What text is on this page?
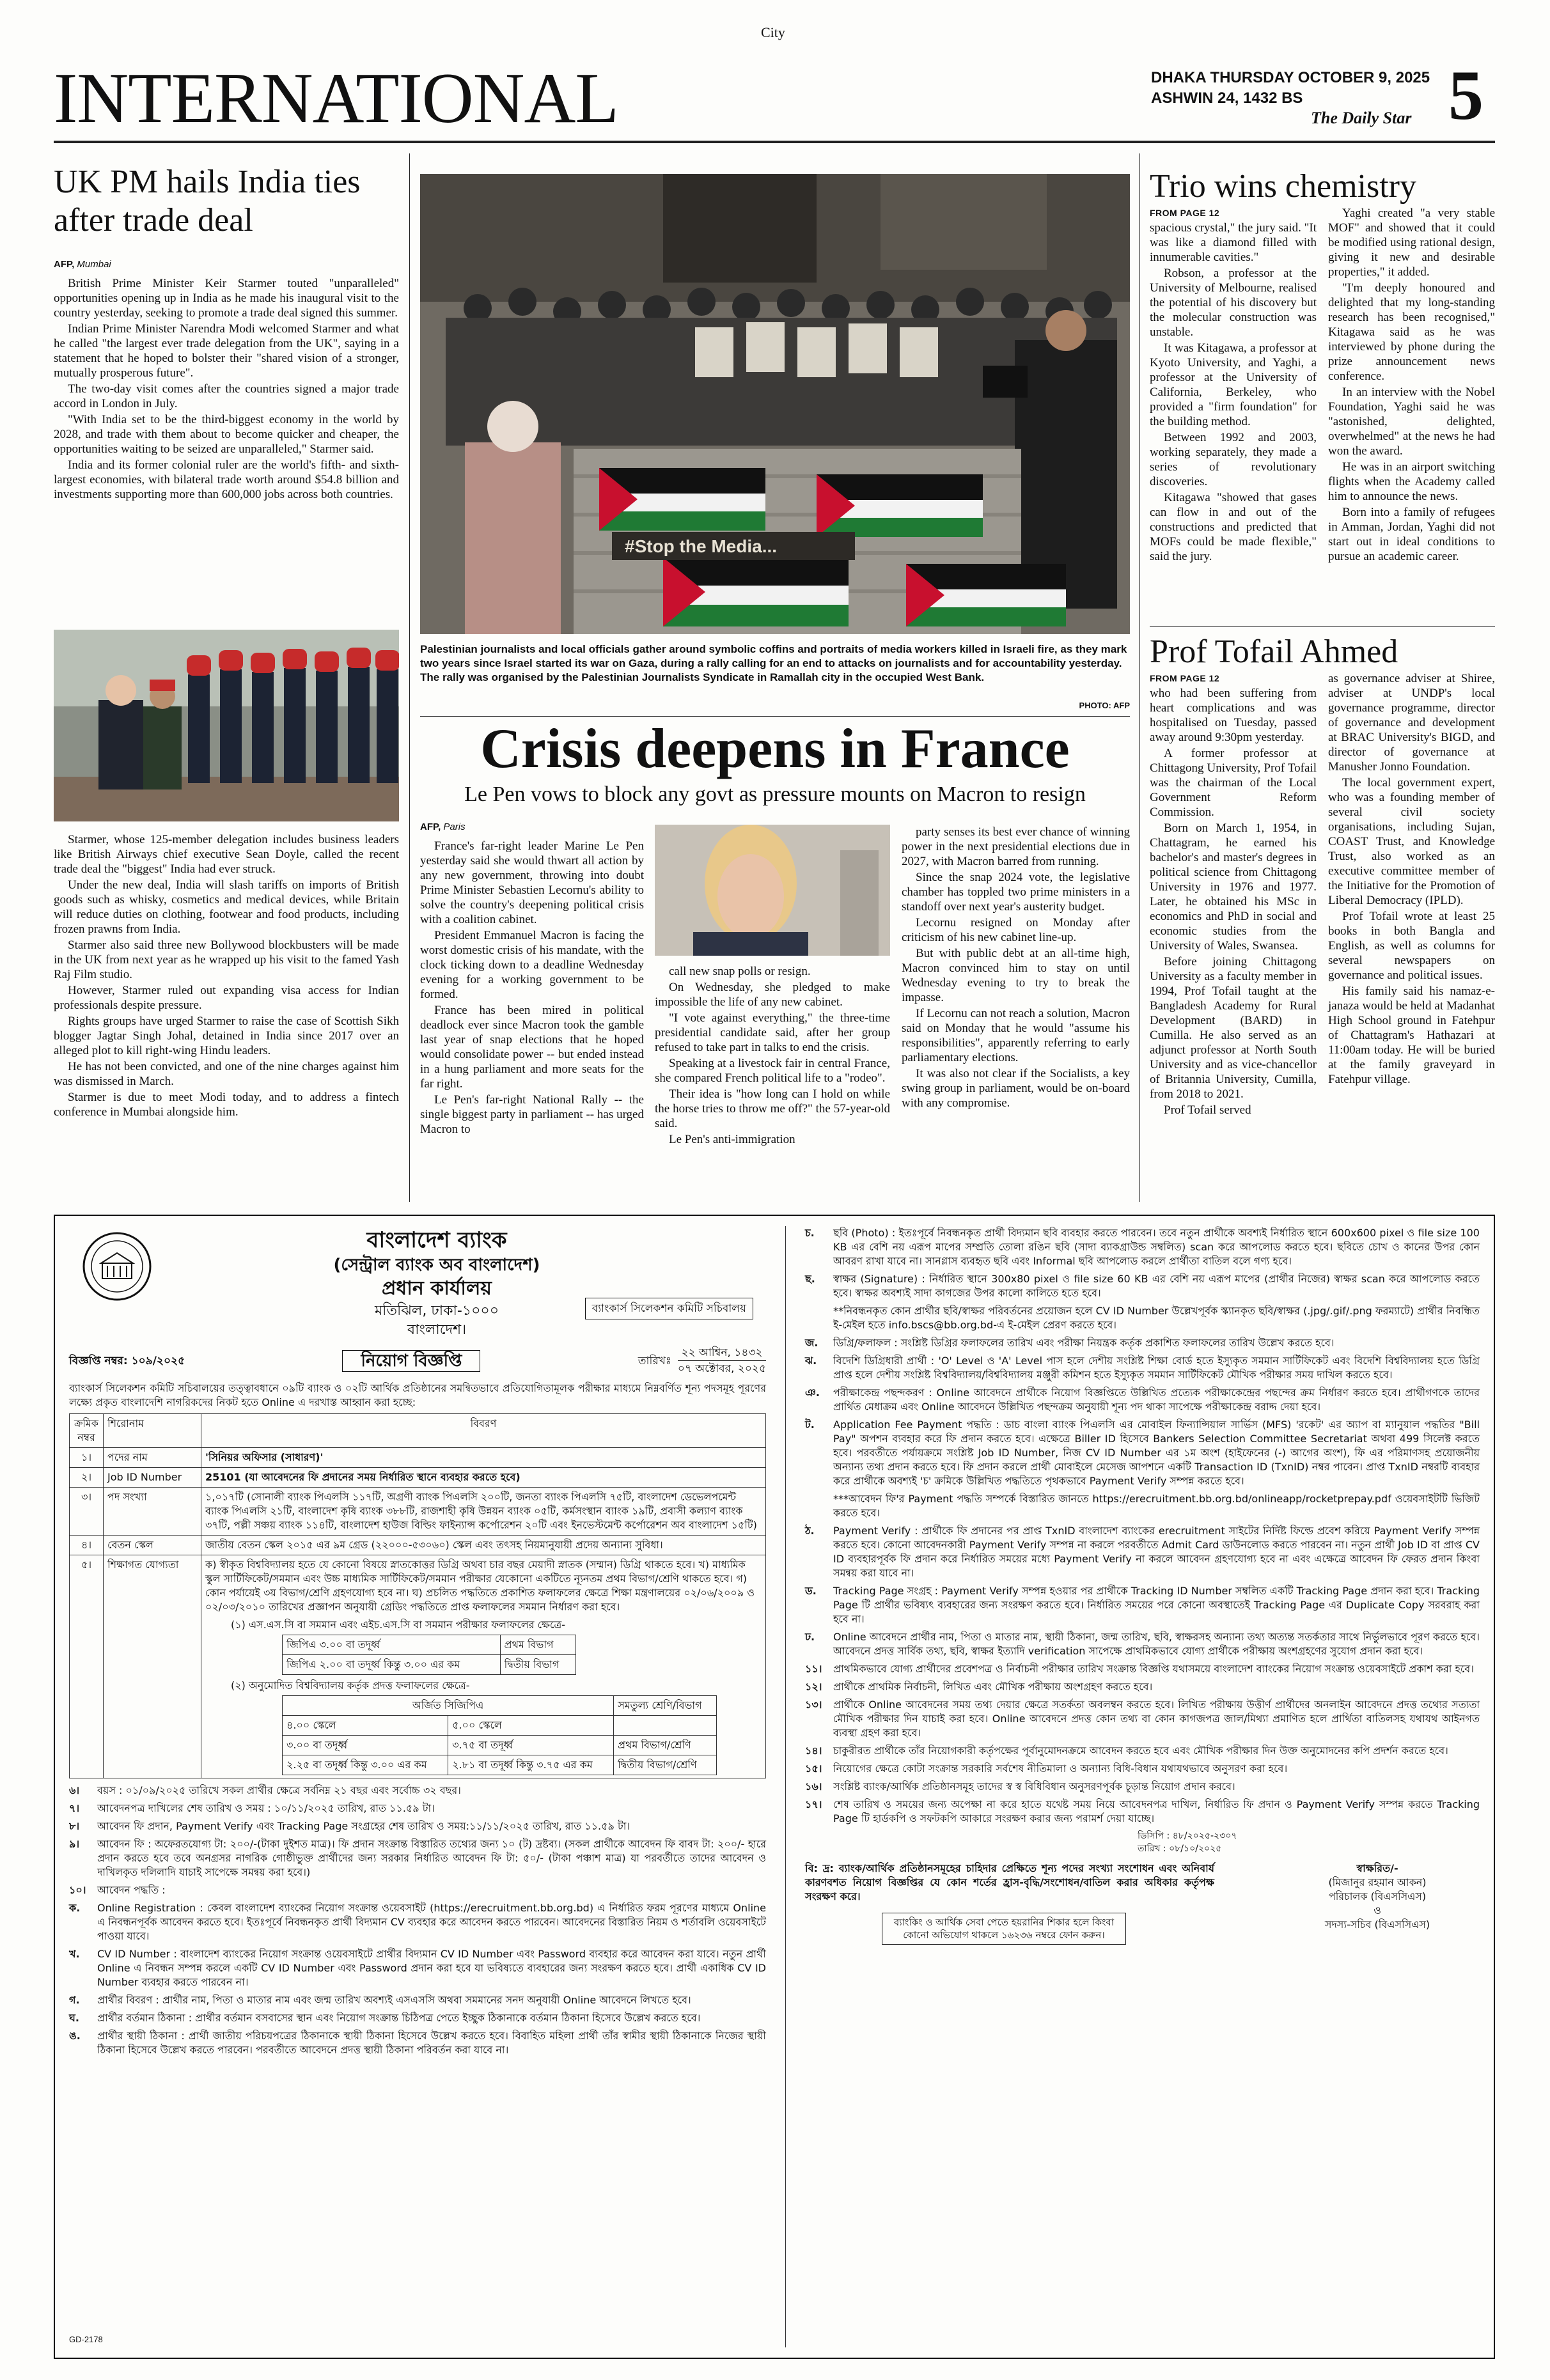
City
INTERNATIONAL	DHAKA THURSDAY OCTOBER 9, 2025
ASHWIN 24, 1432 BS
The Daily Star 5
UK PM hails India ties after trade deal
AFP, Mumbai

British Prime Minister Keir Starmer touted "unparalleled" opportunities opening up in India as he made his inaugural visit to the country yesterday, seeking to promote a trade deal signed this summer.

Indian Prime Minister Narendra Modi welcomed Starmer and what he called "the largest ever trade delegation from the UK", saying in a statement that he hoped to bolster their "shared vision of a stronger, mutually prosperous future".

The two-day visit comes after the countries signed a major trade accord in London in July.

"With India set to be the third-biggest economy in the world by 2028, and trade with them about to become quicker and cheaper, the opportunities waiting to be seized are unparalleled," Starmer said.

India and its former colonial ruler are the world's fifth- and sixth-largest economies, with bilateral trade worth around $54.8 billion and investments supporting more than 600,000 jobs across both countries.

Starmer, whose 125-member delegation includes business leaders like British Airways chief executive Sean Doyle, called the recent trade deal the "biggest" India had ever struck.

Under the new deal, India will slash tariffs on imports of British goods such as whisky, cosmetics and medical devices, while Britain will reduce duties on clothing, footwear and food products, including frozen prawns from India.

Starmer also said three new Bollywood blockbusters will be made in the UK from next year as he wrapped up his visit to the famed Yash Raj Film studio.

However, Starmer ruled out expanding visa access for Indian professionals despite pressure.

Rights groups have urged Starmer to raise the case of Scottish Sikh blogger Jagtar Singh Johal, detained in India since 2017 over an alleged plot to kill right-wing Hindu leaders.

He has not been convicted, and one of the nine charges against him was dismissed in March.

Starmer is due to meet Modi today, and to address a fintech conference in Mumbai alongside him.

#Stop the Media...
Palestinian journalists and local officials gather around symbolic coffins and portraits of media workers killed in Israeli fire, as they mark two years since Israel started its war on Gaza, during a rally calling for an end to attacks on journalists and for accountability yesterday. The rally was organised by the Palestinian Journalists Syndicate in Ramallah city in the occupied West Bank.
PHOTO: AFP
Crisis deepens in France
Le Pen vows to block any govt as pressure mounts on Macron to resign
AFP, Paris

France's far-right leader Marine Le Pen yesterday said she would thwart all action by any new government, throwing into doubt Prime Minister Sebastien Lecornu's ability to solve the country's deepening political crisis with a coalition cabinet.

President Emmanuel Macron is facing the worst domestic crisis of his mandate, with the clock ticking down to a deadline Wednesday evening for a working government to be formed.

France has been mired in political deadlock ever since Macron took the gamble last year of snap elections that he hoped would consolidate power -- but ended instead in a hung parliament and more seats for the far right.

Le Pen's far-right National Rally -- the single biggest party in parliament -- has urged Macron to

call new snap polls or resign.

On Wednesday, she pledged to make impossible the life of any new cabinet.

"I vote against everything," the three-time presidential candidate said, after her group refused to take part in talks to end the crisis.

Speaking at a livestock fair in central France, she compared French political life to a "rodeo".

Their idea is "how long can I hold on while the horse tries to throw me off?" the 57-year-old said.

Le Pen's anti-immigration

party senses its best ever chance of winning power in the next presidential elections due in 2027, with Macron barred from running.

Since the snap 2024 vote, the legislative chamber has toppled two prime ministers in a standoff over next year's austerity budget.

Lecornu resigned on Monday after criticism of his new cabinet line-up.

But with public debt at an all-time high, Macron convinced him to stay on until Wednesday evening to try to break the impasse.

If Lecornu can not reach a solution, Macron said on Monday that he would "assume his responsibilities", apparently referring to early parliamentary elections.

It was also not clear if the Socialists, a key swing group in parliament, would be on-board with any compromise.

Trio wins chemistry
FROM PAGE 12

spacious crystal," the jury said. "It was like a diamond filled with innumerable cavities."

Robson, a professor at the University of Melbourne, realised the potential of his discovery but the molecular construction was unstable.

It was Kitagawa, a professor at Kyoto University, and Yaghi, a professor at the University of California, Berkeley, who provided a "firm foundation" for the building method.

Between 1992 and 2003, working separately, they made a series of revolutionary discoveries.

Kitagawa "showed that gases can flow in and out of the constructions and predicted that MOFs could be made flexible," said the jury.

Yaghi created "a very stable MOF" and showed that it could be modified using rational design, giving it new and desirable properties," it added.

"I'm deeply honoured and delighted that my long-standing research has been recognised," Kitagawa said as he was interviewed by phone during the prize announcement news conference.

In an interview with the Nobel Foundation, Yaghi said he was "astonished, delighted, overwhelmed" at the news he had won the award.

He was in an airport switching flights when the Academy called him to announce the news.

Born into a family of refugees in Amman, Jordan, Yaghi did not start out in ideal conditions to pursue an academic career.

Prof Tofail Ahmed
FROM PAGE 12

who had been suffering from heart complications and was hospitalised on Tuesday, passed away around 9:30pm yesterday.

A former professor at Chittagong University, Prof Tofail was the chairman of the Local Government Reform Commission.

Born on March 1, 1954, in Chattagram, he earned his bachelor's and master's degrees in political science from Chittagong University in 1976 and 1977. Later, he obtained his MSc in economics and PhD in social and economic studies from the University of Wales, Swansea.

Before joining Chittagong University as a faculty member in 1994, Prof Tofail taught at the Bangladesh Academy for Rural Development (BARD) in Cumilla. He also served as an adjunct professor at North South University and as vice-chancellor of Britannia University, Cumilla, from 2018 to 2021.

Prof Tofail served

as governance adviser at Shiree, adviser at UNDP's local governance programme, director of governance and development at BRAC University's BIGD, and director of governance at Manusher Jonno Foundation.

The local government expert, who was a founding member of several civil society organisations, including Sujan, COAST Trust, and Knowledge Trust, also worked as an executive committee member of the Initiative for the Promotion of Liberal Democracy (IPLD).

Prof Tofail wrote at least 25 books in both Bangla and English, as well as columns for several newspapers on governance and political issues.

His family said his namaz-e-janaza would be held at Madanhat High School ground in Fatehpur of Chattagram's Hathazari at 11:00am today. He will be buried at the family graveyard in Fatehpur village.

বাংলাদেশ ব্যাংক
(সেন্ট্রাল ব্যাংক অব বাংলাদেশ)
প্রধান কার্যালয়
মতিঝিল, ঢাকা-১০০০
বাংলাদেশ।
ব্যাংকার্স সিলেকশন কমিটি সচিবালয়
বিজ্ঞপ্তি নম্বর: ১০৯/২০২৫	নিয়োগ বিজ্ঞপ্তি	তারিখঃ
২২ আশ্বিন, ১৪৩২
০৭ অক্টোবর, ২০২৫
ব্যাংকার্স সিলেকশন কমিটি সচিবালয়ের তত্ত্বাবধানে ০৯টি ব্যাংক ও ০২টি আর্থিক প্রতিষ্ঠানের সমন্বিতভাবে প্রতিযোগিতামূলক পরীক্ষার মাধ্যমে নিম্নবর্ণিত শূন্য পদসমূহ পূরণের লক্ষ্যে প্রকৃত বাংলাদেশি নাগরিকদের নিকট হতে Online এ দরখাস্ত আহ্বান করা হচ্ছে:
ক্রমিক নম্বর	শিরোনাম	বিবরণ
১।	পদের নাম	'সিনিয়র অফিসার (সাধারণ)'
২।	Job ID Number	25101 (যা আবেদনের ফি প্রদানের সময় নির্ধারিত স্থানে ব্যবহার করতে হবে)
৩।	পদ সংখ্যা	১,০১৭টি (সোনালী ব্যাংক পিএলসি ১১৭টি, অগ্রণী ব্যাংক পিএলসি ২০০টি, জনতা ব্যাংক পিএলসি ৭৫টি, বাংলাদেশ ডেভেলপমেন্ট ব্যাংক পিএলসি ২১টি, বাংলাদেশ কৃষি ব্যাংক ৩৮৮টি, রাজশাহী কৃষি উন্নয়ন ব্যাংক ০৫টি, কর্মসংস্থান ব্যাংক ১৯টি, প্রবাসী কল্যাণ ব্যাংক ৩৭টি, পল্লী সঞ্চয় ব্যাংক ১১৪টি, বাংলাদেশ হাউজ বিল্ডিং ফাইন্যান্স কর্পোরেশন ২০টি এবং ইনভেস্টমেন্ট কর্পোরেশন অব বাংলাদেশ ১৫টি)
৪।	বেতন স্কেল	জাতীয় বেতন স্কেল ২০১৫ এর ৯ম গ্রেড (২২০০০-৫৩০৬০) স্কেল এবং তৎসহ নিয়মানুযায়ী প্রদেয় অন্যান্য সুবিধা।
৫।	শিক্ষাগত যোগ্যতা	ক) স্বীকৃত বিশ্ববিদ্যালয় হতে যে কোনো বিষয়ে স্নাতকোত্তর ডিগ্রি অথবা চার বছর মেয়াদী স্নাতক (সম্মান) ডিগ্রি থাকতে হবে। খ) মাধ্যমিক স্কুল সার্টিফিকেট/সমমান এবং উচ্চ মাধ্যমিক সার্টিফিকেট/সমমান পরীক্ষার যেকোনো একটিতে ন্যূনতম প্রথম বিভাগ/শ্রেণি থাকতে হবে। গ) কোন পর্যায়েই ৩য় বিভাগ/শ্রেণি গ্রহণযোগ্য হবে না। ঘ) প্রচলিত পদ্ধতিতে প্রকাশিত ফলাফলের ক্ষেত্রে শিক্ষা মন্ত্রণালয়ের ০২/০৬/২০০৯ ও ০২/০৩/২০১০ তারিখের প্রজ্ঞাপন অনুযায়ী গ্রেডিং পদ্ধতিতে প্রাপ্ত ফলাফলের সমমান নির্ধারণ করা হবে।
(১) এস.এস.সি বা সমমান এবং এইচ.এস.সি বা সমমান পরীক্ষার ফলাফলের ক্ষেত্রে-
জিপিএ ৩.০০ বা তদূর্ধ্ব	প্রথম বিভাগ
জিপিএ ২.০০ বা তদূর্ধ্ব কিন্তু ৩.০০ এর কম	দ্বিতীয় বিভাগ
(২) অনুমোদিত বিশ্ববিদ্যালয় কর্তৃক প্রদত্ত ফলাফলের ক্ষেত্রে-
অর্জিত সিজিপিএ	সমতুল্য শ্রেণি/বিভাগ
৪.০০ স্কেলে	৫.০০ স্কেলে	
৩.০০ বা তদূর্ধ্ব	৩.৭৫ বা তদূর্ধ্ব	প্রথম বিভাগ/শ্রেণি
২.২৫ বা তদূর্ধ্ব কিন্তু ৩.০০ এর কম	২.৮১ বা তদূর্ধ্ব কিন্তু ৩.৭৫ এর কম	দ্বিতীয় বিভাগ/শ্রেণি
৬।	বয়স : ০১/০৯/২০২৫ তারিখে সকল প্রার্থীর ক্ষেত্রে সর্বনিম্ন ২১ বছর এবং সর্বোচ্চ ৩২ বছর।
৭।	আবেদনপত্র দাখিলের শেষ তারিখ ও সময় : ১০/১১/২০২৫ তারিখ, রাত ১১.৫৯ টা।
৮।	আবেদন ফি প্রদান, Payment Verify এবং Tracking Page সংগ্রহের শেষ তারিখ ও সময়:১১/১১/২০২৫ তারিখ, রাত ১১.৫৯ টা।
৯।	আবেদন ফি : অফেরতযোগ্য টা: ২০০/-(টাকা দুইশত মাত্র)। ফি প্রদান সংক্রান্ত বিস্তারিত তথ্যের জন্য ১০ (ট) দ্রষ্টব্য। (সকল প্রার্থীকে আবেদন ফি বাবদ টা: ২০০/- হারে প্রদান করতে হবে তবে অনগ্রসর নাগরিক গোষ্ঠীভুক্ত প্রার্থীদের জন্য সরকার নির্ধারিত আবেদন ফি টা: ৫০/- (টাকা পঞ্চাশ মাত্র) যা পরবর্তীতে তাদের আবেদন ও দাখিলকৃত দলিলাদি যাচাই সাপেক্ষে সমন্বয় করা হবে।)
১০।	আবেদন পদ্ধতি :
ক.	Online Registration : কেবল বাংলাদেশ ব্যাংকের নিয়োগ সংক্রান্ত ওয়েবসাইট (https://erecruitment.bb.org.bd) এ নির্ধারিত ফরম পূরণের মাধ্যমে Online এ নিবন্ধনপূর্বক আবেদন করতে হবে। ইতঃপূর্বে নিবন্ধনকৃত প্রার্থী বিদ্যমান CV ব্যবহার করে আবেদন করতে পারবেন। আবেদনের বিস্তারিত নিয়ম ও শর্তাবলি ওয়েবসাইটে পাওয়া যাবে।
খ.	CV ID Number : বাংলাদেশ ব্যাংকের নিয়োগ সংক্রান্ত ওয়েবসাইটে প্রার্থীর বিদ্যমান CV ID Number এবং Password ব্যবহার করে আবেদন করা যাবে। নতুন প্রার্থী Online এ নিবন্ধন সম্পন্ন করলে একটি CV ID Number এবং Password প্রদান করা হবে যা ভবিষ্যতে ব্যবহারের জন্য সংরক্ষণ করতে হবে। প্রার্থী একাধিক CV ID Number ব্যবহার করতে পারবেন না।
গ.	প্রার্থীর বিবরণ : প্রার্থীর নাম, পিতা ও মাতার নাম এবং জন্ম তারিখ অবশ্যই এসএসসি অথবা সমমানের সনদ অনুযায়ী Online আবেদনে লিখতে হবে।
ঘ.	প্রার্থীর বর্তমান ঠিকানা : প্রার্থীর বর্তমান বসবাসের স্থান এবং নিয়োগ সংক্রান্ত চিঠিপত্র পেতে ইচ্ছুক ঠিকানাকে বর্তমান ঠিকানা হিসেবে উল্লেখ করতে হবে।
ঙ.	প্রার্থীর স্থায়ী ঠিকানা : প্রার্থী জাতীয় পরিচয়পত্রের ঠিকানাকে স্থায়ী ঠিকানা হিসেবে উল্লেখ করতে হবে। বিবাহিত মহিলা প্রার্থী তাঁর স্বামীর স্থায়ী ঠিকানাকে নিজের স্থায়ী ঠিকানা হিসেবে উল্লেখ করতে পারবেন। পরবর্তীতে আবেদনে প্রদত্ত স্থায়ী ঠিকানা পরিবর্তন করা যাবে না।
GD-2178
চ.	ছবি (Photo) : ইতঃপূর্বে নিবন্ধনকৃত প্রার্থী বিদ্যমান ছবি ব্যবহার করতে পারবেন। তবে নতুন প্রার্থীকে অবশ্যই নির্ধারিত স্থানে 600x600 pixel ও file size 100 KB এর বেশি নয় এরূপ মাপের সম্প্রতি তোলা রঙিন ছবি (সাদা ব্যাকগ্রাউন্ড সম্বলিত) scan করে আপলোড করতে হবে। ছবিতে চোখ ও কানের উপর কোন আবরণ রাখা যাবে না। সানগ্লাস ব্যবহৃত ছবি এবং Informal ছবি আপলোড করলে প্রার্থীতা বাতিল বলে গণ্য হবে।
ছ.	স্বাক্ষর (Signature) : নির্ধারিত স্থানে 300x80 pixel ও file size 60 KB এর বেশি নয় এরূপ মাপের (প্রার্থীর নিজের) স্বাক্ষর scan করে আপলোড করতে হবে। স্বাক্ষর অবশ্যই সাদা কাগজের উপর কালো কালিতে হতে হবে।
**নিবন্ধনকৃত কোন প্রার্থীর ছবি/স্বাক্ষর পরিবর্তনের প্রয়োজন হলে CV ID Number উল্লেখপূর্বক স্ক্যানকৃত ছবি/স্বাক্ষর (.jpg/.gif/.png ফরম্যাটে) প্রার্থীর নিবন্ধিত ই-মেইল হতে info.bscs@bb.org.bd-এ ই-মেইল প্রেরণ করতে হবে।
জ.	ডিগ্রি/ফলাফল : সংশ্লিষ্ট ডিগ্রির ফলাফলের তারিখ এবং পরীক্ষা নিয়ন্ত্রক কর্তৃক প্রকাশিত ফলাফলের তারিখ উল্লেখ করতে হবে।
ঝ.	বিদেশি ডিগ্রিধারী প্রার্থী : 'O' Level ও 'A' Level পাস হলে দেশীয় সংশ্লিষ্ট শিক্ষা বোর্ড হতে ইস্যুকৃত সমমান সার্টিফিকেট এবং বিদেশি বিশ্ববিদ্যালয় হতে ডিগ্রি প্রাপ্ত হলে দেশীয় সংশ্লিষ্ট বিশ্ববিদ্যালয়/বিশ্ববিদ্যালয় মঞ্জুরী কমিশন হতে ইস্যুকৃত সমমান সার্টিফিকেট মৌখিক পরীক্ষার সময় দাখিল করতে হবে।
ঞ.	পরীক্ষাকেন্দ্র পছন্দকরণ : Online আবেদনে প্রার্থীকে নিয়োগ বিজ্ঞপ্তিতে উল্লিখিত প্রত্যেক পরীক্ষাকেন্দ্রের পছন্দের ক্রম নির্ধারণ করতে হবে। প্রার্থীগণকে তাদের প্রার্থিত মেধাক্রম এবং Online আবেদনে উল্লিখিত পছন্দক্রম অনুযায়ী শূন্য পদ থাকা সাপেক্ষে পরীক্ষাকেন্দ্র বরাদ্দ দেয়া হবে।
ট.	Application Fee Payment পদ্ধতি : ডাচ বাংলা ব্যাংক পিএলসি এর মোবাইল ফিন্যান্সিয়াল সার্ভিস (MFS) 'রকেট' এর অ্যাপ বা ম্যানুয়াল পদ্ধতির "Bill Pay" অপশন ব্যবহার করে ফি প্রদান করতে হবে। এক্ষেত্রে Biller ID হিসেবে Bankers Selection Committee Secretariat অথবা 499 সিলেক্ট করতে হবে। পরবর্তীতে পর্যায়ক্রমে সংশ্লিষ্ট Job ID Number, নিজ CV ID Number এর ১ম অংশ (হাইফেনের (-) আগের অংশ), ফি এর পরিমাণসহ প্রয়োজনীয় অন্যান্য তথ্য প্রদান করতে হবে। ফি প্রদান করলে প্রার্থী মোবাইলে মেসেজ আপশনে একটি Transaction ID (TxnID) নম্বর পাবেন। প্রাপ্ত TxnID নম্বরটি ব্যবহার করে প্রার্থীকে অবশ্যই 'চ' ক্রমিকে উল্লিখিত পদ্ধতিতে পৃথকভাবে Payment Verify সম্পন্ন করতে হবে।
***আবেদন ফি'র Payment পদ্ধতি সম্পর্কে বিস্তারিত জানতে https://erecruitment.bb.org.bd/onlineapp/rocketprepay.pdf ওয়েবসাইটটি ভিজিট করতে হবে।
ঠ.	Payment Verify : প্রার্থীকে ফি প্রদানের পর প্রাপ্ত TxnID বাংলাদেশ ব্যাংকের erecruitment সাইটের নির্দিষ্ট ফিল্ডে প্রবেশ করিয়ে Payment Verify সম্পন্ন করতে হবে। কোনো আবেদনকারী Payment Verify সম্পন্ন না করলে পরবর্তীতে Admit Card ডাউনলোড করতে পারবেন না। নতুন প্রার্থী Job ID বা প্রাপ্ত CV ID ব্যবহারপূর্বক ফি প্রদান করে নির্ধারিত সময়ের মধ্যে Payment Verify না করলে আবেদন গ্রহণযোগ্য হবে না এবং এক্ষেত্রে আবেদন ফি ফেরত প্রদান কিংবা সমন্বয় করা যাবে না।
ড.	Tracking Page সংগ্রহ : Payment Verify সম্পন্ন হওয়ার পর প্রার্থীকে Tracking ID Number সম্বলিত একটি Tracking Page প্রদান করা হবে। Tracking Page টি প্রার্থীর ভবিষ্যৎ ব্যবহারের জন্য সংরক্ষণ করতে হবে। নির্ধারিত সময়ের পরে কোনো অবস্থাতেই Tracking Page এর Duplicate Copy সরবরাহ করা হবে না।
ঢ.	Online আবেদনে প্রার্থীর নাম, পিতা ও মাতার নাম, স্থায়ী ঠিকানা, জন্ম তারিখ, ছবি, স্বাক্ষরসহ অন্যান্য তথ্য অত্যন্ত সতর্কতার সাথে নির্ভুলভাবে পূরণ করতে হবে। আবেদনে প্রদত্ত সার্বিক তথ্য, ছবি, স্বাক্ষর ইত্যাদি verification সাপেক্ষে প্রাথমিকভাবে যোগ্য প্রার্থীকে পরীক্ষায় অংশগ্রহণের সুযোগ প্রদান করা হবে।
১১।	প্রাথমিকভাবে যোগ্য প্রার্থীদের প্রবেশপত্র ও নির্বাচনী পরীক্ষার তারিখ সংক্রান্ত বিজ্ঞপ্তি যথাসময়ে বাংলাদেশ ব্যাংকের নিয়োগ সংক্রান্ত ওয়েবসাইটে প্রকাশ করা হবে।
১২।	প্রার্থীকে প্রাথমিক নির্বাচনী, লিখিত এবং মৌখিক পরীক্ষায় অংশগ্রহণ করতে হবে।
১৩।	প্রার্থীকে Online আবেদনের সময় তথ্য দেয়ার ক্ষেত্রে সতর্কতা অবলম্বন করতে হবে। লিখিত পরীক্ষায় উত্তীর্ণ প্রার্থীদের অনলাইন আবেদনে প্রদত্ত তথ্যের সত্যতা মৌখিক পরীক্ষার দিন যাচাই করা হবে। Online আবেদনে প্রদত্ত কোন তথ্য বা কোন কাগজপত্র জাল/মিথ্যা প্রমাণিত হলে প্রার্থিতা বাতিলসহ যথাযথ আইনগত ব্যবস্থা গ্রহণ করা হবে।
১৪।	চাকুরীরত প্রার্থীকে তাঁর নিয়োগকারী কর্তৃপক্ষের পূর্বানুমোদনক্রমে আবেদন করতে হবে এবং মৌখিক পরীক্ষার দিন উক্ত অনুমোদনের কপি প্রদর্শন করতে হবে।
১৫।	নিয়োগের ক্ষেত্রে কোটা সংক্রান্ত সরকারি সর্বশেষ নীতিমালা ও অন্যান্য বিধি-বিধান যথাযথভাবে অনুসরণ করা হবে।
১৬।	সংশ্লিষ্ট ব্যাংক/আর্থিক প্রতিষ্ঠানসমূহ তাদের স্ব স্ব বিধিবিধান অনুসরণপূর্বক চূড়ান্ত নিয়োগ প্রদান করবে।
১৭।	শেষ তারিখ ও সময়ের জন্য অপেক্ষা না করে হাতে যথেষ্ট সময় নিয়ে আবেদনপত্র দাখিল, নির্ধারিত ফি প্রদান ও Payment Verify সম্পন্ন করতে Tracking Page টি হার্ডকপি ও সফটকপি আকারে সংরক্ষণ করার জন্য পরামর্শ দেয়া যাচ্ছে।
ডিসিপি : ৪৮/২০২৫-২৩০৭
তারিখ : ০৮/১০/২০২৫
বি: দ্র: ব্যাংক/আর্থিক প্রতিষ্ঠানসমূহের চাহিদার প্রেক্ষিতে শূন্য পদের সংখ্যা সংশোধন এবং অনিবার্য কারণবশত নিয়োগ বিজ্ঞপ্তির যে কোন শর্তের হ্রাস-বৃদ্ধি/সংশোধন/বাতিল করার অধিকার কর্তৃপক্ষ সংরক্ষণ করে।
ব্যাংকিং ও আর্থিক সেবা পেতে হয়রানির শিকার হলে কিংবা কোনো অভিযোগ থাকলে ১৬২৩৬ নম্বরে ফোন করুন।
স্বাক্ষরিত/-
(মিজানুর রহমান আকন)
পরিচালক (বিএসসিএস)
ও
সদস্য-সচিব (বিএসসিএস)
